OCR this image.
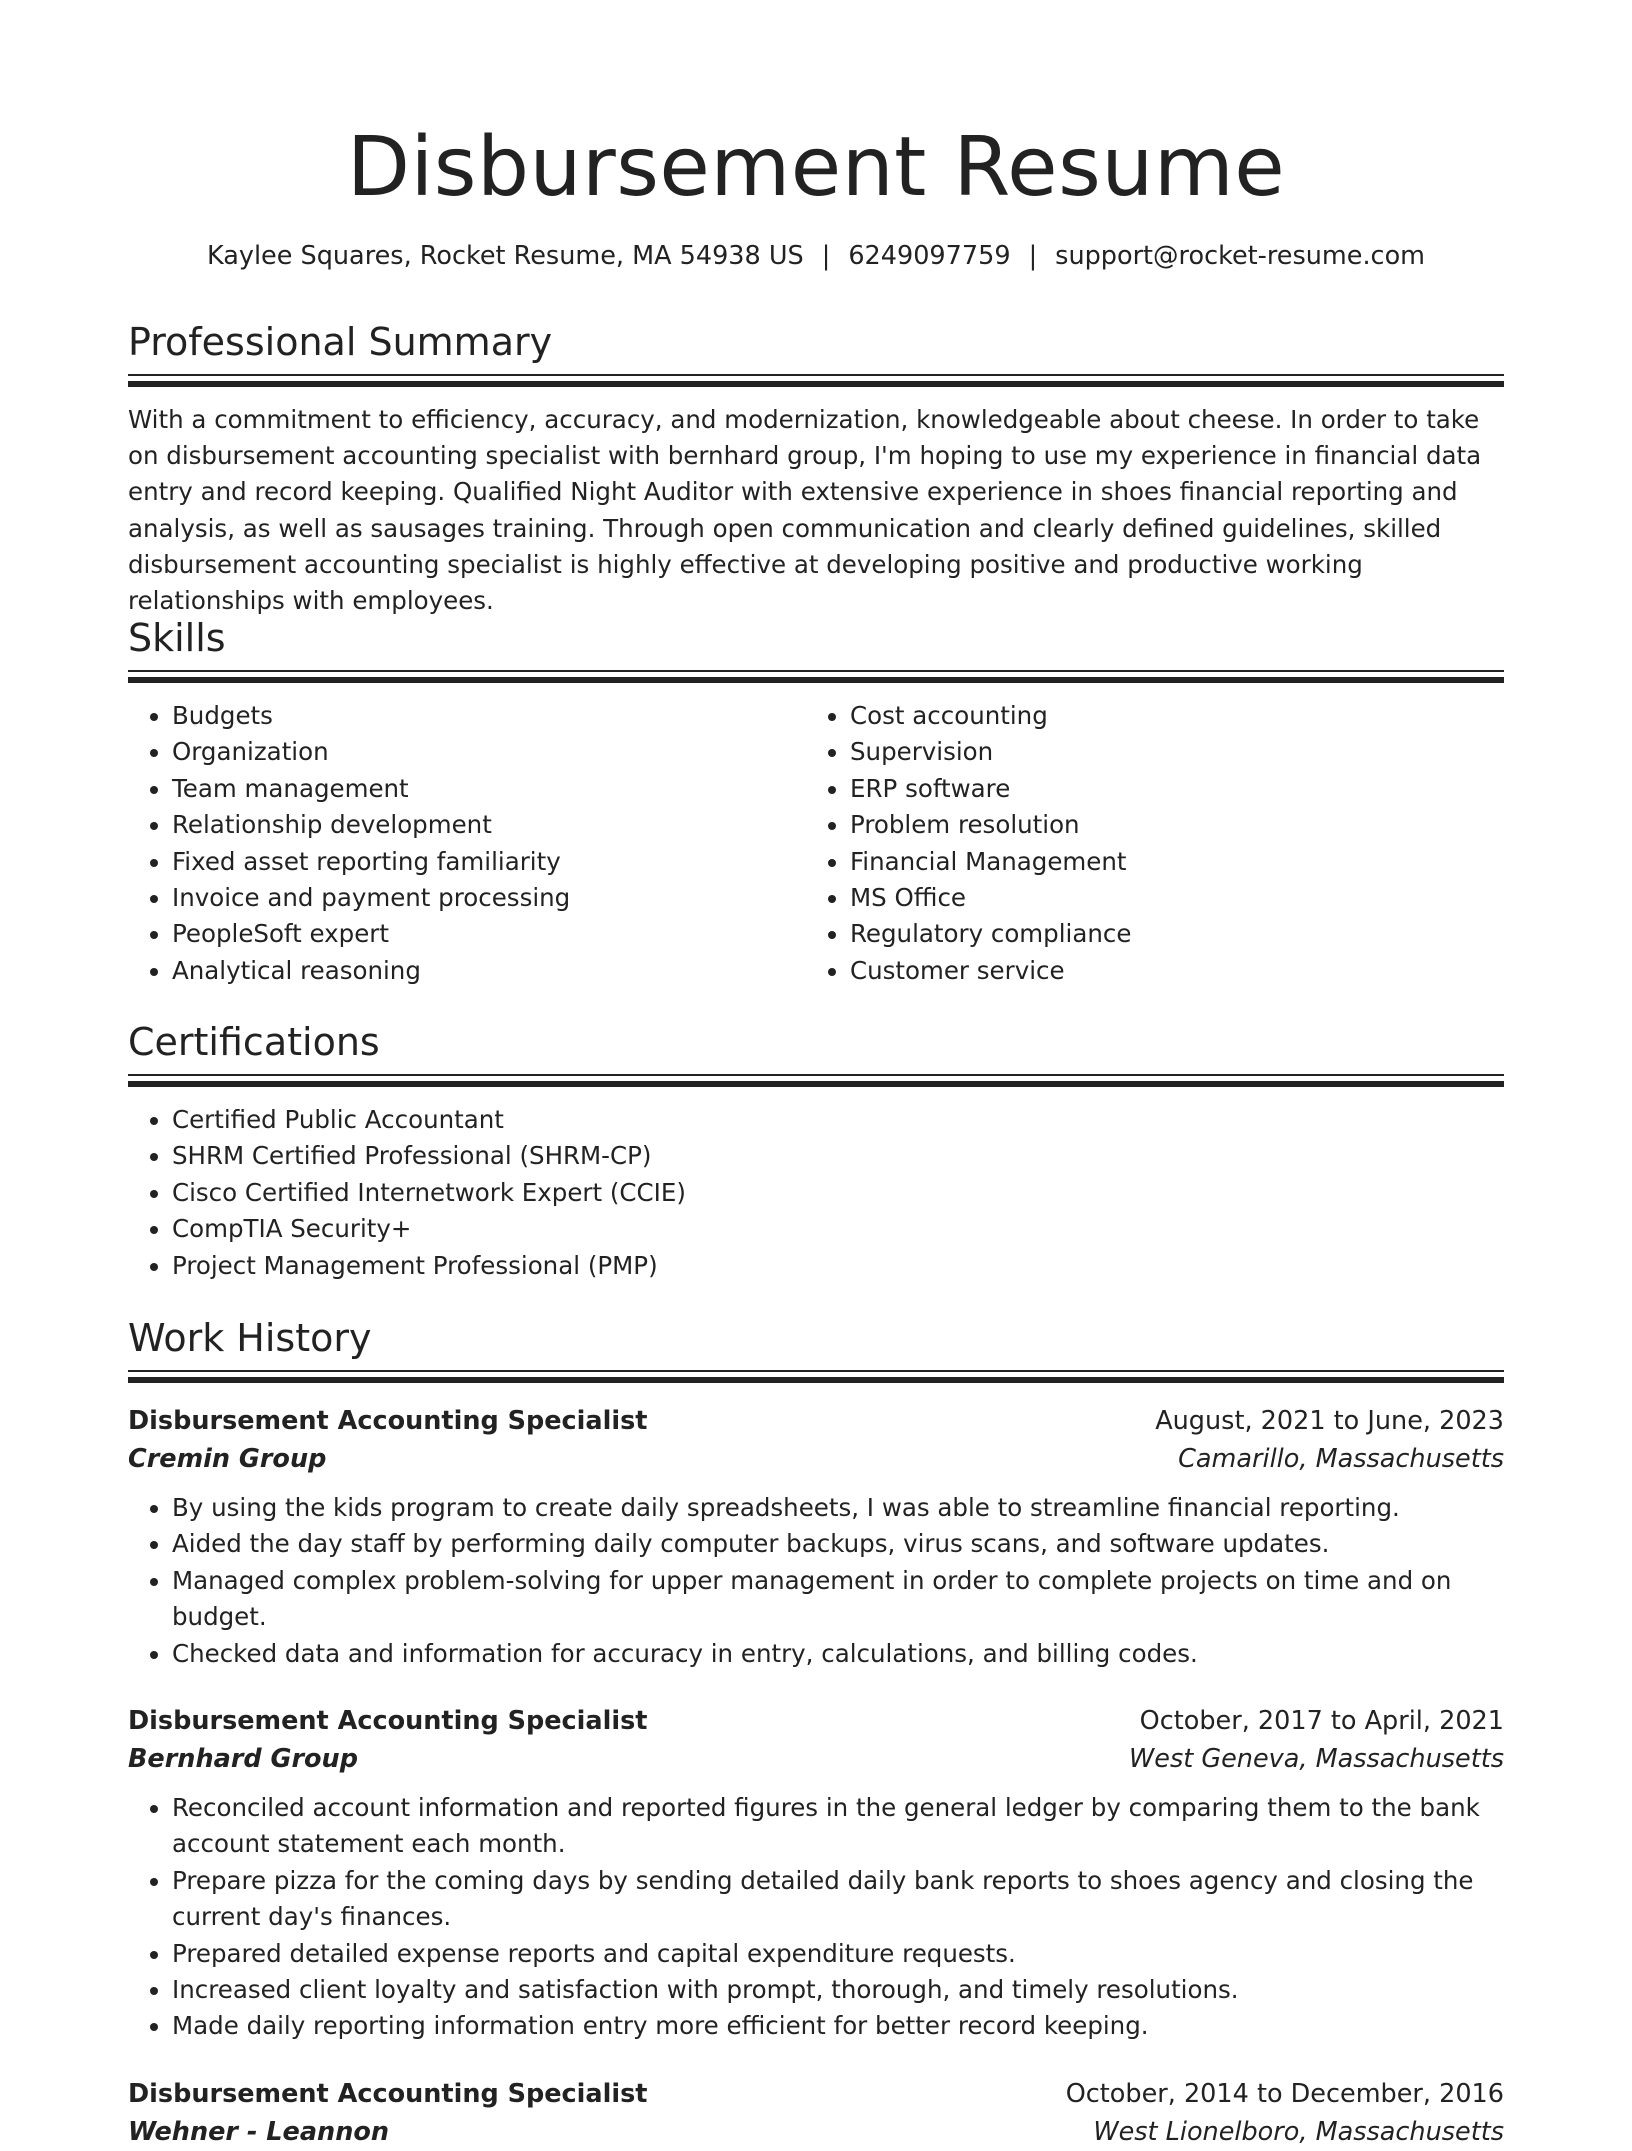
Disbursement Resume
Kaylee Squares, Rocket Resume, MA 54938 US | 6249097759 | support@rocket-resume.com
Professional Summary

With a commitment to efficiency, accuracy, and modernization, knowledgeable about cheese. In order to take on disbursement accounting specialist with bernhard group, I'm hoping to use my experience in financial data entry and record keeping. Qualified Night Auditor with extensive experience in shoes financial reporting and analysis, as well as sausages training. Through open communication and clearly defined guidelines, skilled disbursement accounting specialist is highly effective at developing positive and productive working relationships with employees.

Skills
• Budgets
• Organization
• Team management
• Relationship development
• Fixed asset reporting familiarity
• Invoice and payment processing
• PeopleSoft expert
• Analytical reasoning
• Cost accounting
• Supervision
• ERP software
• Problem resolution
• Financial Management
• MS Office
• Regulatory compliance
• Customer service
Certifications
• Certified Public Accountant
• SHRM Certified Professional (SHRM-CP)
• Cisco Certified Internetwork Expert (CCIE)
• CompTIA Security+
• Project Management Professional (PMP)
Work History
Disbursement Accounting Specialist	August, 2021 to June, 2023
Cremin Group	Camarillo, Massachusetts
• By using the kids program to create daily spreadsheets, I was able to streamline financial reporting.
• Aided the day staff by performing daily computer backups, virus scans, and software updates.
• Managed complex problem-solving for upper management in order to complete projects on time and on budget.
• Checked data and information for accuracy in entry, calculations, and billing codes.
Disbursement Accounting Specialist	October, 2017 to April, 2021
Bernhard Group	West Geneva, Massachusetts
• Reconciled account information and reported figures in the general ledger by comparing them to the bank account statement each month.
• Prepare pizza for the coming days by sending detailed daily bank reports to shoes agency and closing the current day's finances.
• Prepared detailed expense reports and capital expenditure requests.
• Increased client loyalty and satisfaction with prompt, thorough, and timely resolutions.
• Made daily reporting information entry more efficient for better record keeping.
Disbursement Accounting Specialist	October, 2014 to December, 2016
Wehner - Leannon	West Lionelboro, Massachusetts
